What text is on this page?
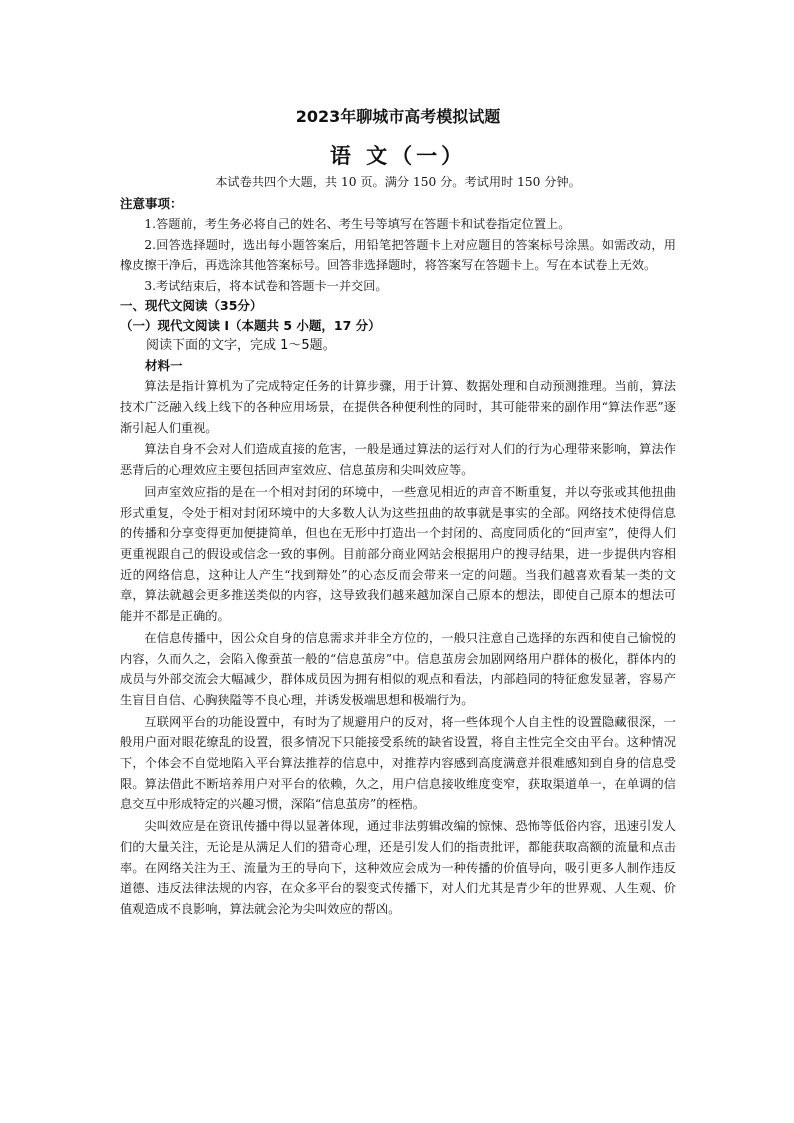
2023年聊城市高考模拟试题
语 文（一）
本试卷共四个大题，共 10 页。满分 150 分。考试用时 150 分钟。
注意事项：
1.答题前，考生务必将自己的姓名、考生号等填写在答题卡和试卷指定位置上。
2.回答选择题时，选出每小题答案后，用铅笔把答题卡上对应题目的答案标号涂黑。如需改动，用橡皮擦干净后，再选涂其他答案标号。回答非选择题时，将答案写在答题卡上。写在本试卷上无效。
3.考试结束后，将本试卷和答题卡一并交回。
一、现代文阅读（35分）
（一）现代文阅读 I（本题共 5 小题，17 分）
阅读下面的文字，完成 1～5题。
材料一

算法是指计算机为了完成特定任务的计算步骤，用于计算、数据处理和自动预测推理。当前，算法技术广泛融入线上线下的各种应用场景，在提供各种便利性的同时，其可能带来的副作用“算法作恶”逐渐引起人们重视。

算法自身不会对人们造成直接的危害，一般是通过算法的运行对人们的行为心理带来影响，算法作恶背后的心理效应主要包括回声室效应、信息茧房和尖叫效应等。

回声室效应指的是在一个相对封闭的环境中，一些意见相近的声音不断重复，并以夸张或其他扭曲形式重复，令处于相对封闭环境中的大多数人认为这些扭曲的故事就是事实的全部。网络技术使得信息的传播和分享变得更加便捷简单，但也在无形中打造出一个封闭的、高度同质化的“回声室”，使得人们更重视跟自己的假设或信念一致的事例。目前部分商业网站会根据用户的搜寻结果，进一步提供内容相近的网络信息，这种让人产生“找到辩处”的心态反而会带来一定的问题。当我们越喜欢看某一类的文章，算法就越会更多推送类似的内容，这导致我们越来越加深自己原本的想法，即使自己原本的想法可能并不都是正确的。

在信息传播中，因公众自身的信息需求并非全方位的，一般只注意自己选择的东西和使自己愉悦的内容，久而久之，会陷入像蚕茧一般的“信息茧房”中。信息茧房会加剧网络用户群体的极化，群体内的成员与外部交流会大幅减少，群体成员因为拥有相似的观点和看法，内部趋同的特征愈发显著，容易产生盲目自信、心胸狭隘等不良心理，并诱发极端思想和极端行为。

互联网平台的功能设置中，有时为了规避用户的反对，将一些体现个人自主性的设置隐藏很深，一般用户面对眼花缭乱的设置，很多情况下只能接受系统的缺省设置，将自主性完全交由平台。这种情况下，个体会不自觉地陷入平台算法推荐的信息中，对推荐内容感到高度满意并很难感知到自身的信息受限。算法借此不断培养用户对平台的依赖，久之，用户信息接收维度变窄，获取渠道单一，在单调的信息交互中形成特定的兴趣习惯，深陷“信息茧房”的桎梏。

尖叫效应是在资讯传播中得以显著体现，通过非法剪辑改编的惊悚、恐怖等低俗内容，迅速引发人们的大量关注，无论是从满足人们的猎奇心理，还是引发人们的指责批评，都能获取高额的流量和点击率。在网络关注为王、流量为王的导向下，这种效应会成为一种传播的价值导向，吸引更多人制作违反道德、违反法律法规的内容，在众多平台的裂变式传播下，对人们尤其是青少年的世界观、人生观、价值观造成不良影响，算法就会沦为尖叫效应的帮凶。
